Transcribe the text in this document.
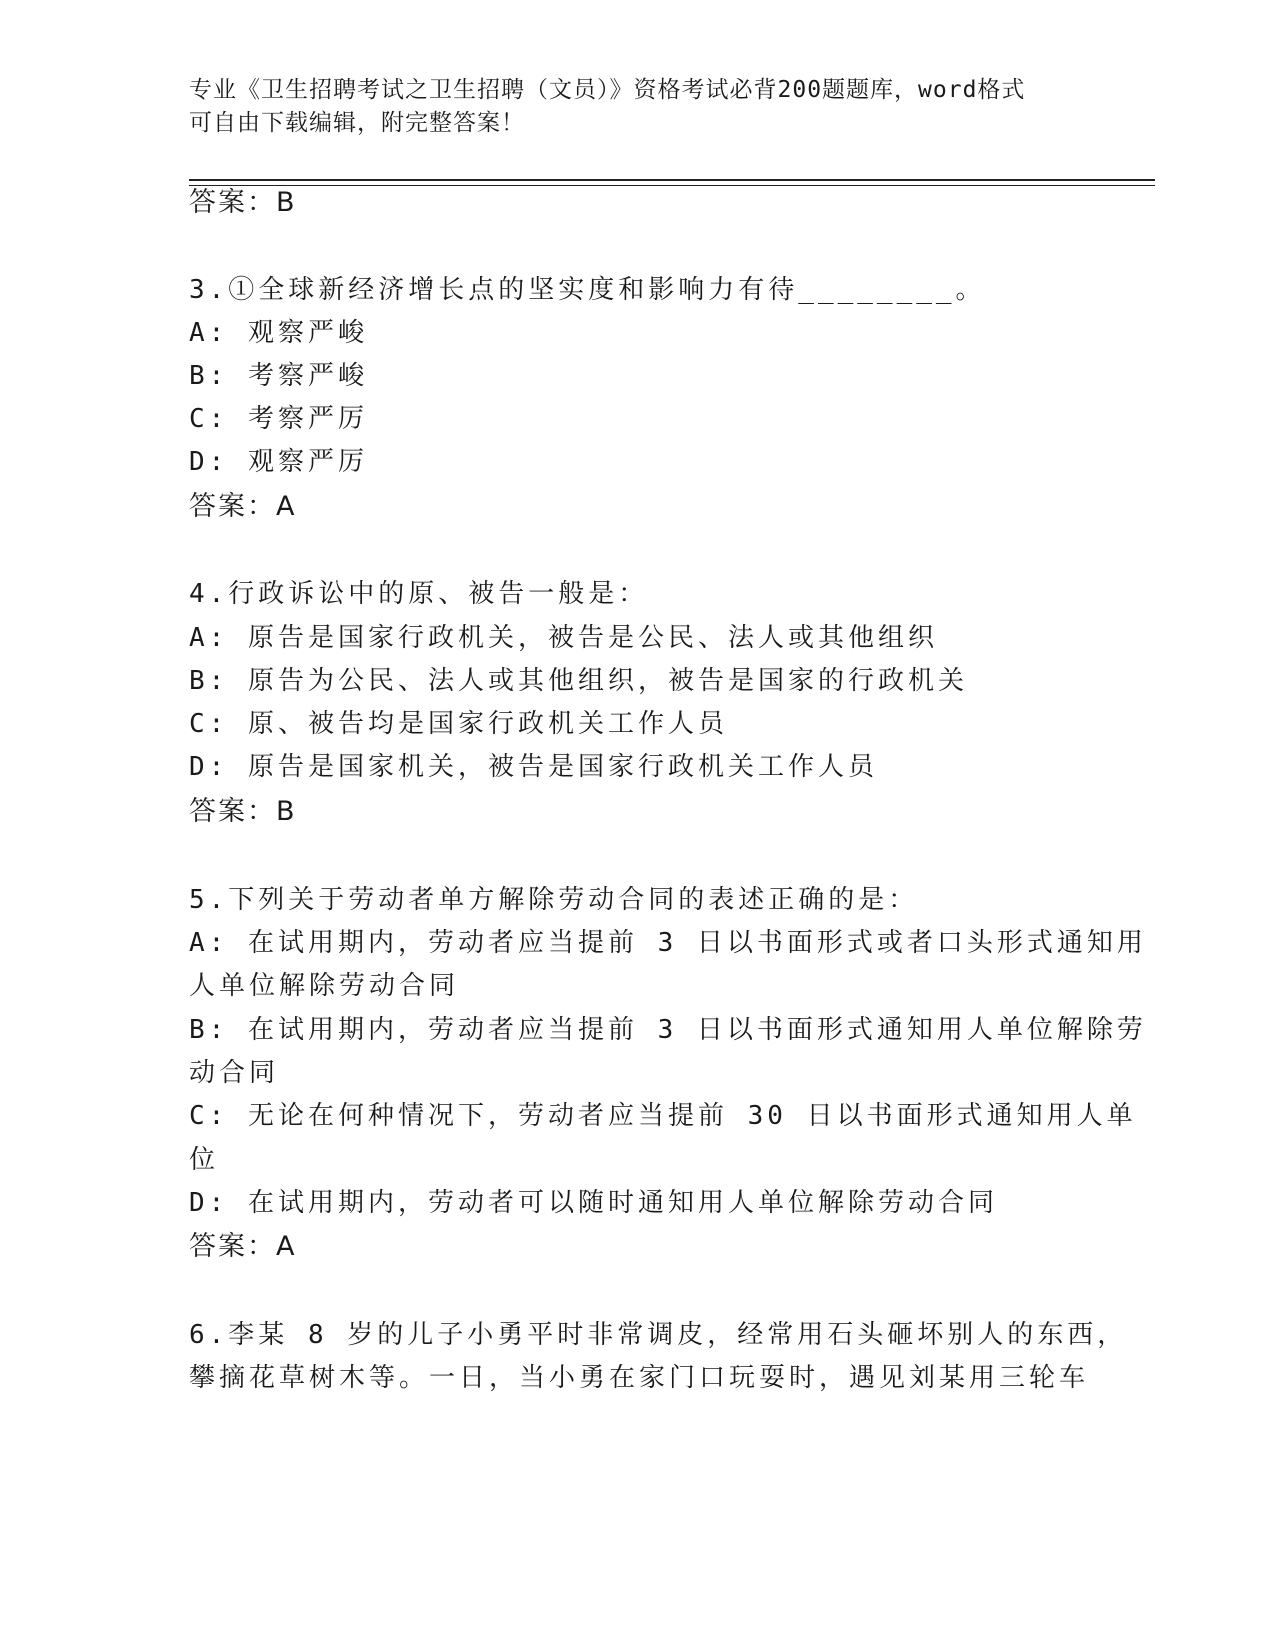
专业《卫生招聘考试之卫生招聘（文员）》资格考试必背200题题库，word格式
可自由下载编辑，附完整答案！
答案：B
3.①全球新经济增长点的坚实度和影响力有待________。
A: 观察严峻
B: 考察严峻
C: 考察严厉
D: 观察严厉
答案：A
4.行政诉讼中的原、被告一般是：
A: 原告是国家行政机关，被告是公民、法人或其他组织
B: 原告为公民、法人或其他组织，被告是国家的行政机关
C: 原、被告均是国家行政机关工作人员
D: 原告是国家机关，被告是国家行政机关工作人员
答案：B
5.下列关于劳动者单方解除劳动合同的表述正确的是：
A: 在试用期内，劳动者应当提前 3 日以书面形式或者口头形式通知用
人单位解除劳动合同
B: 在试用期内，劳动者应当提前 3 日以书面形式通知用人单位解除劳
动合同
C: 无论在何种情况下，劳动者应当提前 30 日以书面形式通知用人单
位
D: 在试用期内，劳动者可以随时通知用人单位解除劳动合同
答案：A
6.李某 8 岁的儿子小勇平时非常调皮，经常用石头砸坏别人的东西，
攀摘花草树木等。一日，当小勇在家门口玩耍时，遇见刘某用三轮车
